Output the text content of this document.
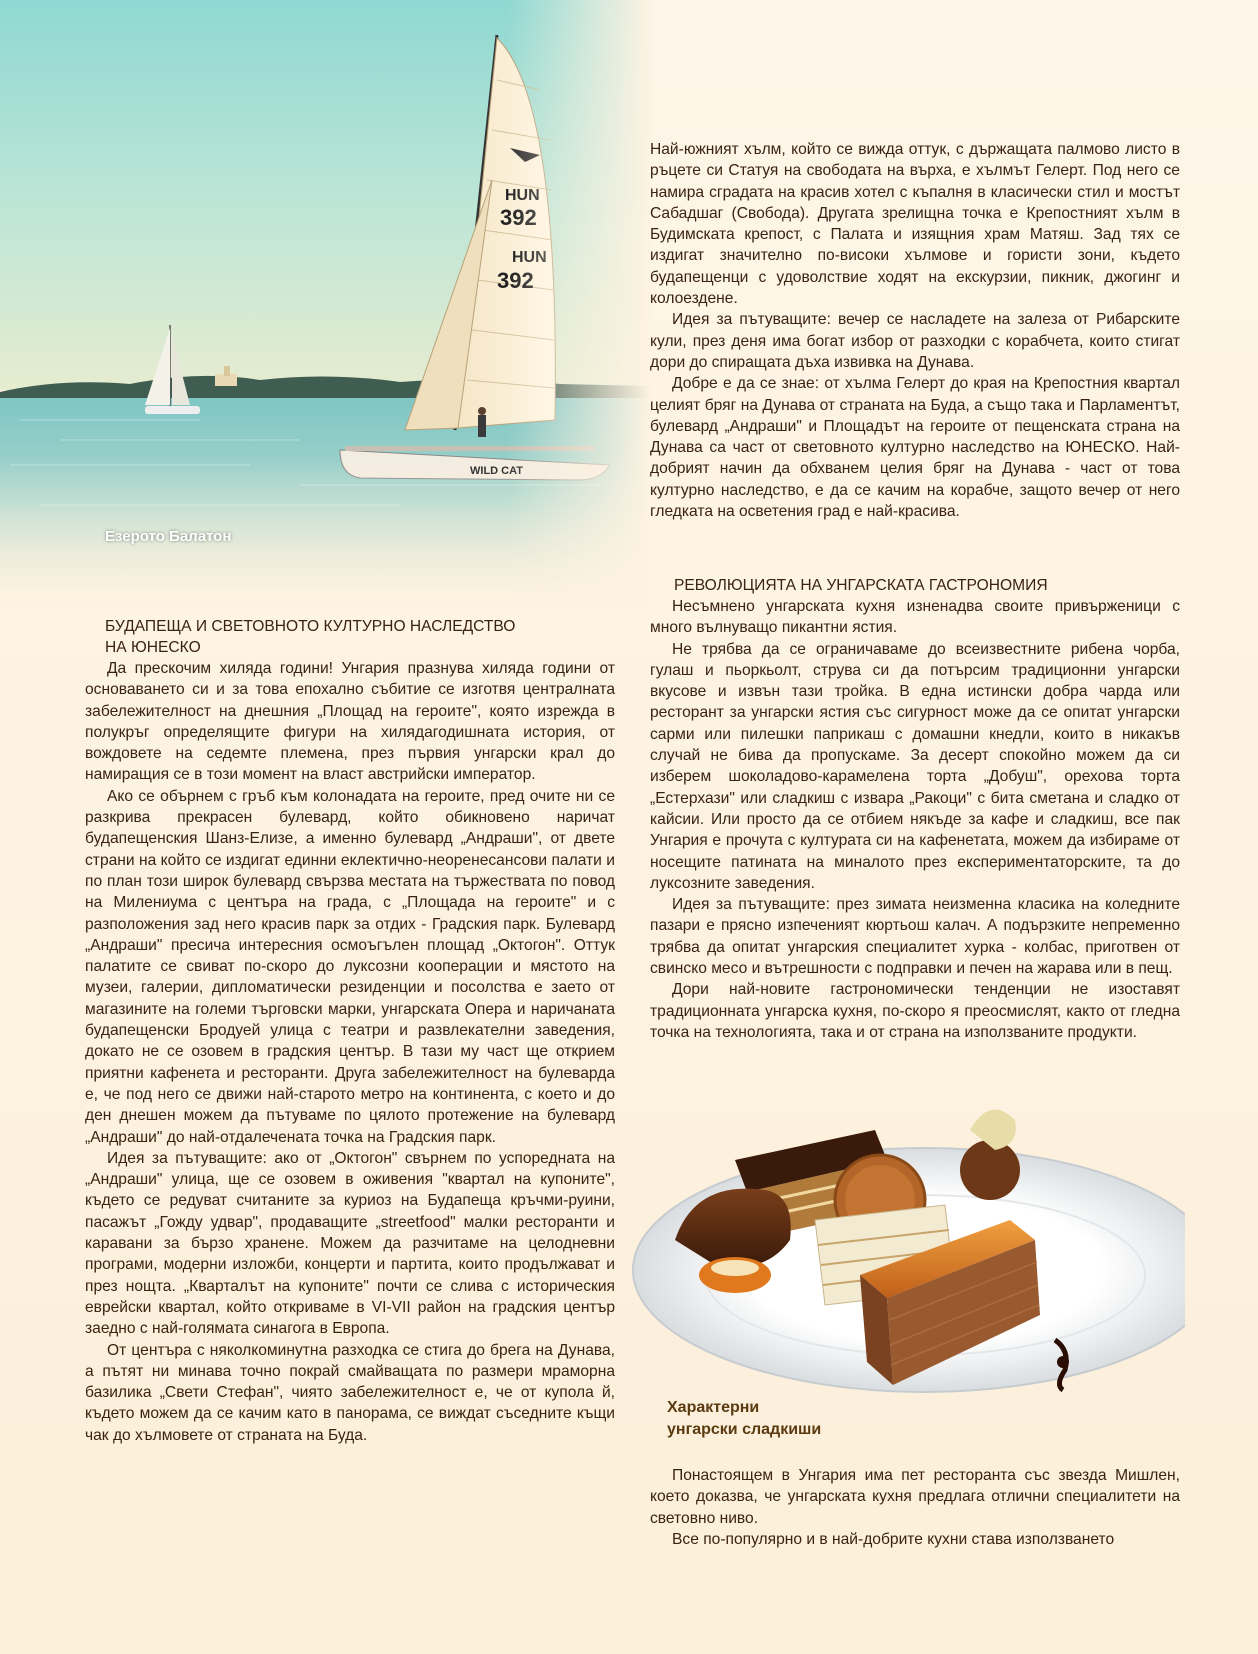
Езерото Балатон
БУДАПЕЩА И СВЕТОВНОТО КУЛТУРНО НАСЛЕДСТВО
НА ЮНЕСКО

Да прескочим хиляда години! Унгария празнува хиляда години от основаването си и за това епохално събитие се изготвя централната забележителност на днешния „Площад на героите", която изрежда в полукръг определящите фигури на хилядагодишната история, от вождовете на седемте племена, през първия унгарски крал до намиращия се в този момент на власт австрийски император.

Ако се обърнем с гръб към колонадата на героите, пред очите ни се разкрива прекрасен булевард, който обикновено наричат будапещенския Шанз-Елизе, а именно булевард „Андраши", от двете страни на който се издигат единни еклектично-неоренесансови палати и по план този широк булевард свързва местата на тържествата по повод на Милениума с центъра на града, с „Площада на героите" и с разположения зад него красив парк за отдих - Градския парк. Булевард „Андраши" пресича интересния осмоъгълен площад „Октогон". Оттук палатите се свиват по-скоро до луксозни кооперации и мястото на музеи, галерии, дипломатически резиденции и посолства е заето от магазините на големи търговски марки, унгарската Опера и наричаната будапещенски Бродуей улица с театри и развлекателни заведения, докато не се озовем в градския център. В тази му част ще открием приятни кафенета и ресторанти. Друга забележителност на булеварда е, че под него се движи най-старото метро на континента, с което и до ден днешен можем да пътуваме по цялото протежение на булевард „Андраши" до най-отдалечената точка на Градския парк.

Идея за пътуващите: ако от „Октогон" свърнем по успоредната на „Андраши" улица, ще се озовем в оживения "квартал на купоните", където се редуват считаните за куриоз на Будапеща кръчми-руини, пасажът „Гожду удвар", продаващите „streetfood" малки ресторанти и каравани за бързо хранене. Можем да разчитаме на целодневни програми, модерни изложби, концерти и партита, които продължават и през нощта. „Кварталът на купоните" почти се слива с историческия еврейски квартал, който откриваме в VI-VII район на градския център заедно с най-голямата синагога в Европа.

От центъра с няколкоминутна разходка се стига до брега на Дунава, а пътят ни минава точно покрай смайващата по размери мраморна базилика „Свети Стефан", чиято забележителност е, че от купола й, където можем да се качим като в панорама, се виждат съседните къщи чак до хълмовете от страната на Буда.

Най-южният хълм, който се вижда оттук, с държащата палмово листо в ръцете си Статуя на свободата на върха, е хълмът Гелерт. Под него се намира сградата на красив хотел с къпалня в класически стил и мостът Сабадшаг (Свобода). Другата зрелищна точка е Крепостният хълм в Будимската крепост, с Палата и изящния храм Матяш. Зад тях се издигат значително по-високи хълмове и гористи зони, където будапещенци с удоволствие ходят на екскурзии, пикник, джогинг и колоездене.

Идея за пътуващите: вечер се насладете на залеза от Рибарските кули, през деня има богат избор от разходки с корабчета, които стигат дори до спиращата дъха извивка на Дунава.

Добре е да се знае: от хълма Гелерт до края на Крепостния квартал целият бряг на Дунава от страната на Буда, а също така и Парламентът, булевард „Андраши" и Площадът на героите от пещенската страна на Дунава са част от световното културно наследство на ЮНЕСКО. Най-добрият начин да обхванем целия бряг на Дунава - част от това културно наследство, е да се качим на корабче, защото вечер от него гледката на осветения град е най-красива.

РЕВОЛЮЦИЯТА НА УНГАРСКАТА ГАСТРОНОМИЯ

Несъмнено унгарската кухня изненадва своите привърженици с много вълнуващо пикантни ястия.

Не трябва да се ограничаваме до всеизвестните рибена чорба, гулаш и пьоркьолт, струва си да потърсим традиционни унгарски вкусове и извън тази тройка. В една истински добра чарда или ресторант за унгарски ястия със сигурност може да се опитат унгарски сарми или пилешки паприкаш с домашни кнедли, които в никакъв случай не бива да пропускаме. За десерт спокойно можем да си изберем шоколадово-карамелена торта „Добуш", орехова торта „Естерхази" или сладкиш с извара „Ракоци" с бита сметана и сладко от кайсии. Или просто да се отбием някъде за кафе и сладкиш, все пак Унгария е прочута с културата си на кафенетата, можем да избираме от носещите патината на миналото през експериментаторските, та до луксозните заведения.

Идея за пътуващите: през зимата неизменна класика на коледните пазари е прясно изпеченият кюртьош калач. А подързките непременно трябва да опитат унгарския специалитет хурка - колбас, приготвен от свинско месо и вътрешности с подправки и печен на жарава или в пещ.

Дори най-новите гастрономически тенденции не изоставят традиционната унгарска кухня, по-скоро я преосмислят, както от гледна точка на технологията, така и от страна на използваните продукти.

Характерни
унгарски сладкиши

Понастоящем в Унгария има пет ресторанта със звезда Мишлен, което доказва, че унгарската кухня предлага отлични специалитети на световно ниво.

Все по-популярно и в най-добрите кухни става използването
